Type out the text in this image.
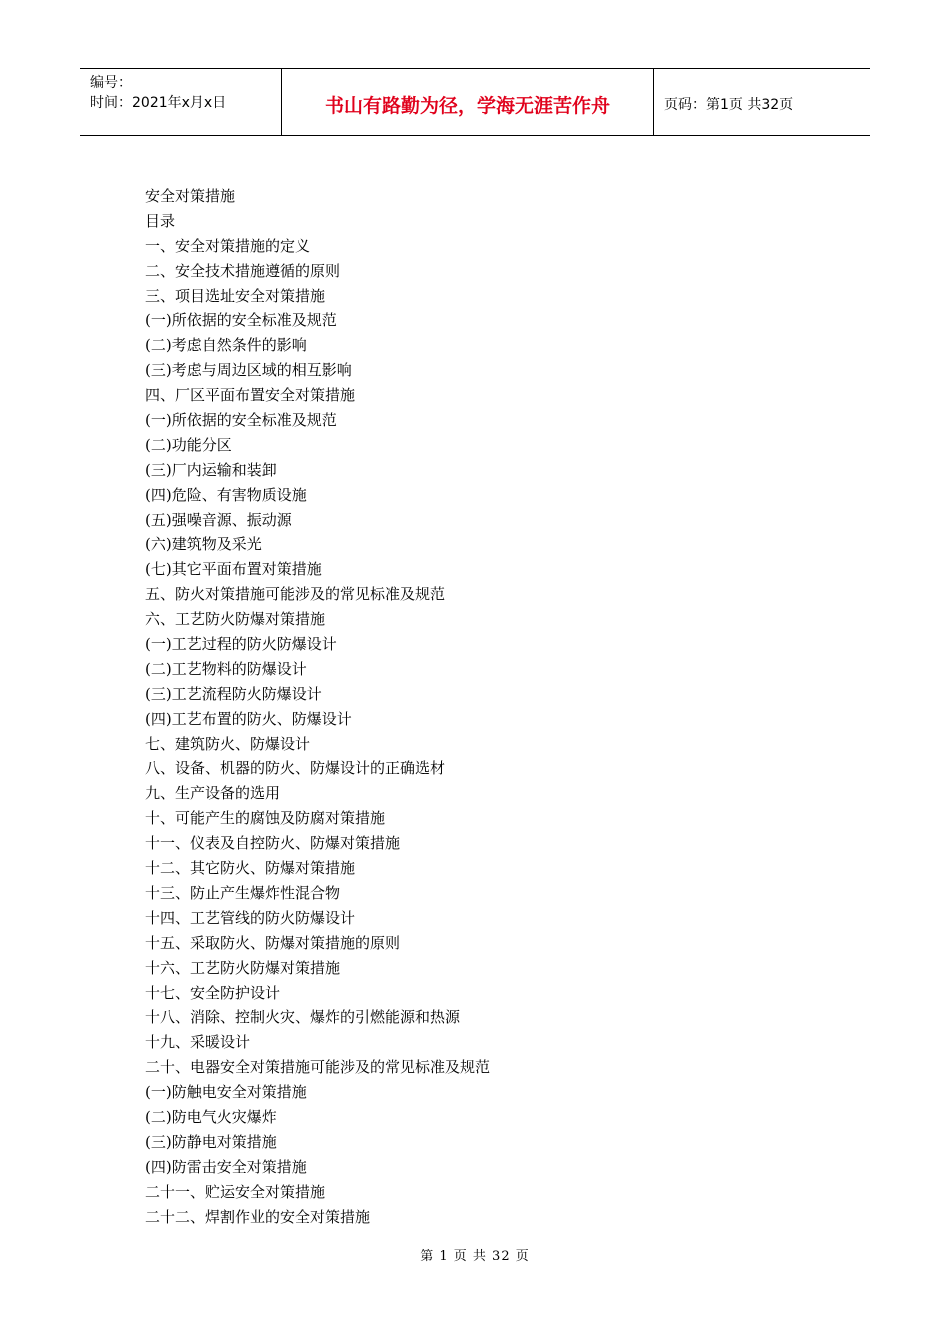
编号：
时间：2021年x月x日	书山有路勤为径，学海无涯苦作舟	页码：第1页 共32页
安全对策措施
目录
一、安全对策措施的定义
二、安全技术措施遵循的原则
三、项目选址安全对策措施
(一)所依据的安全标准及规范
(二)考虑自然条件的影响
(三)考虑与周边区域的相互影响
四、厂区平面布置安全对策措施
(一)所依据的安全标准及规范
(二)功能分区
(三)厂内运输和装卸
(四)危险、有害物质设施
(五)强噪音源、振动源
(六)建筑物及采光
(七)其它平面布置对策措施
五、防火对策措施可能涉及的常见标准及规范
六、工艺防火防爆对策措施
(一)工艺过程的防火防爆设计
(二)工艺物料的防爆设计
(三)工艺流程防火防爆设计
(四)工艺布置的防火、防爆设计
七、建筑防火、防爆设计
八、设备、机器的防火、防爆设计的正确选材
九、生产设备的选用
十、可能产生的腐蚀及防腐对策措施
十一、仪表及自控防火、防爆对策措施
十二、其它防火、防爆对策措施
十三、防止产生爆炸性混合物
十四、工艺管线的防火防爆设计
十五、采取防火、防爆对策措施的原则
十六、工艺防火防爆对策措施
十七、安全防护设计
十八、消除、控制火灾、爆炸的引燃能源和热源
十九、采暖设计
二十、电器安全对策措施可能涉及的常见标准及规范
(一)防触电安全对策措施
(二)防电气火灾爆炸
(三)防静电对策措施
(四)防雷击安全对策措施
二十一、贮运安全对策措施
二十二、焊割作业的安全对策措施
第 1 页 共 32 页
